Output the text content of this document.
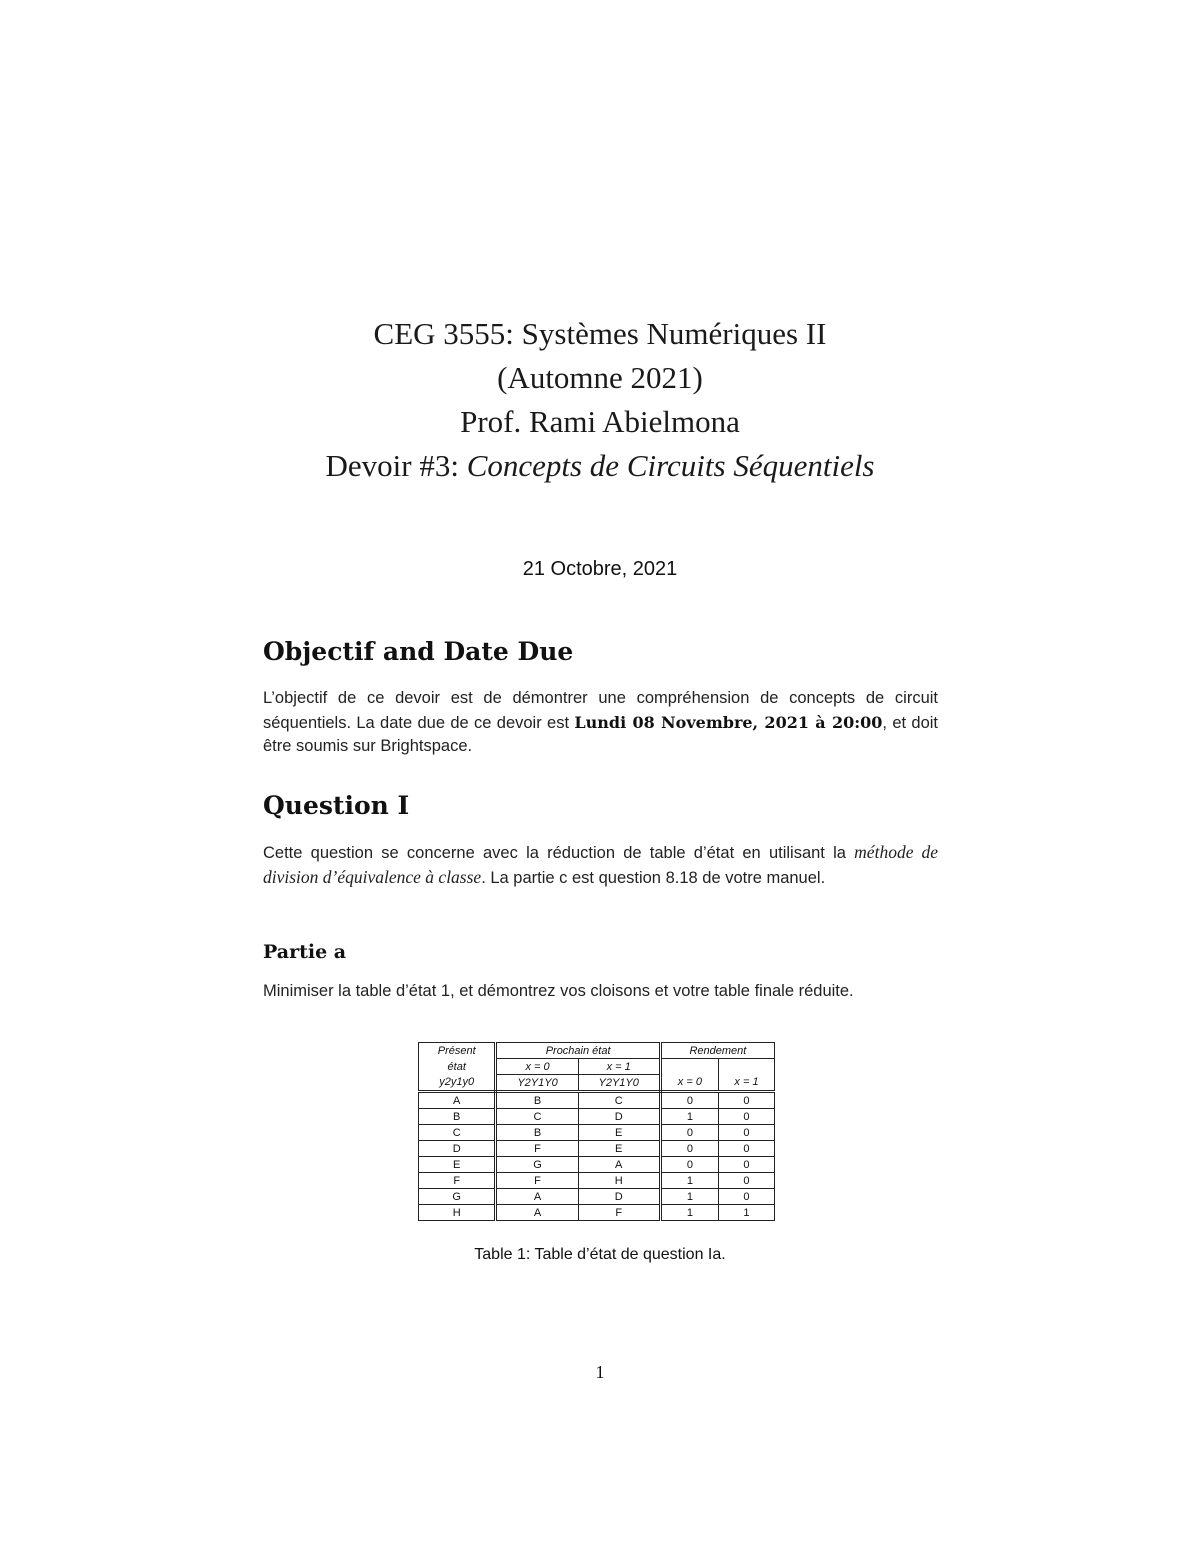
CEG 3555: Systèmes Numériques II
(Automne 2021)
Prof. Rami Abielmona
Devoir #3: Concepts de Circuits Séquentiels
21 Octobre, 2021
Objectif and Date Due
L’objectif de ce devoir est de démontrer une compréhension de concepts de circuit séquentiels. La date due de ce devoir est Lundi 08 Novembre, 2021 à 20:00, et doit être soumis sur Brightspace.
Question I
Cette question se concerne avec la réduction de table d’état en utilisant la méthode de division d’équivalence à classe. La partie c est question 8.18 de votre manuel.
Partie a
Minimiser la table d’état 1, et démontrez vos cloisons et votre table finale réduite.
Présent	Prochain état		Rendement	
état	x = 0	x = 1		
y2y1y0	Y2Y1Y0	Y2Y1Y0	x = 0	x = 1
A	B	C	0	0
B	C	D	1	0
C	B	E	0	0
D	F	E	0	0
E	G	A	0	0
F	F	H	1	0
G	A	D	1	0
H	A	F	1	1
Table 1: Table d’état de question Ia.
1
